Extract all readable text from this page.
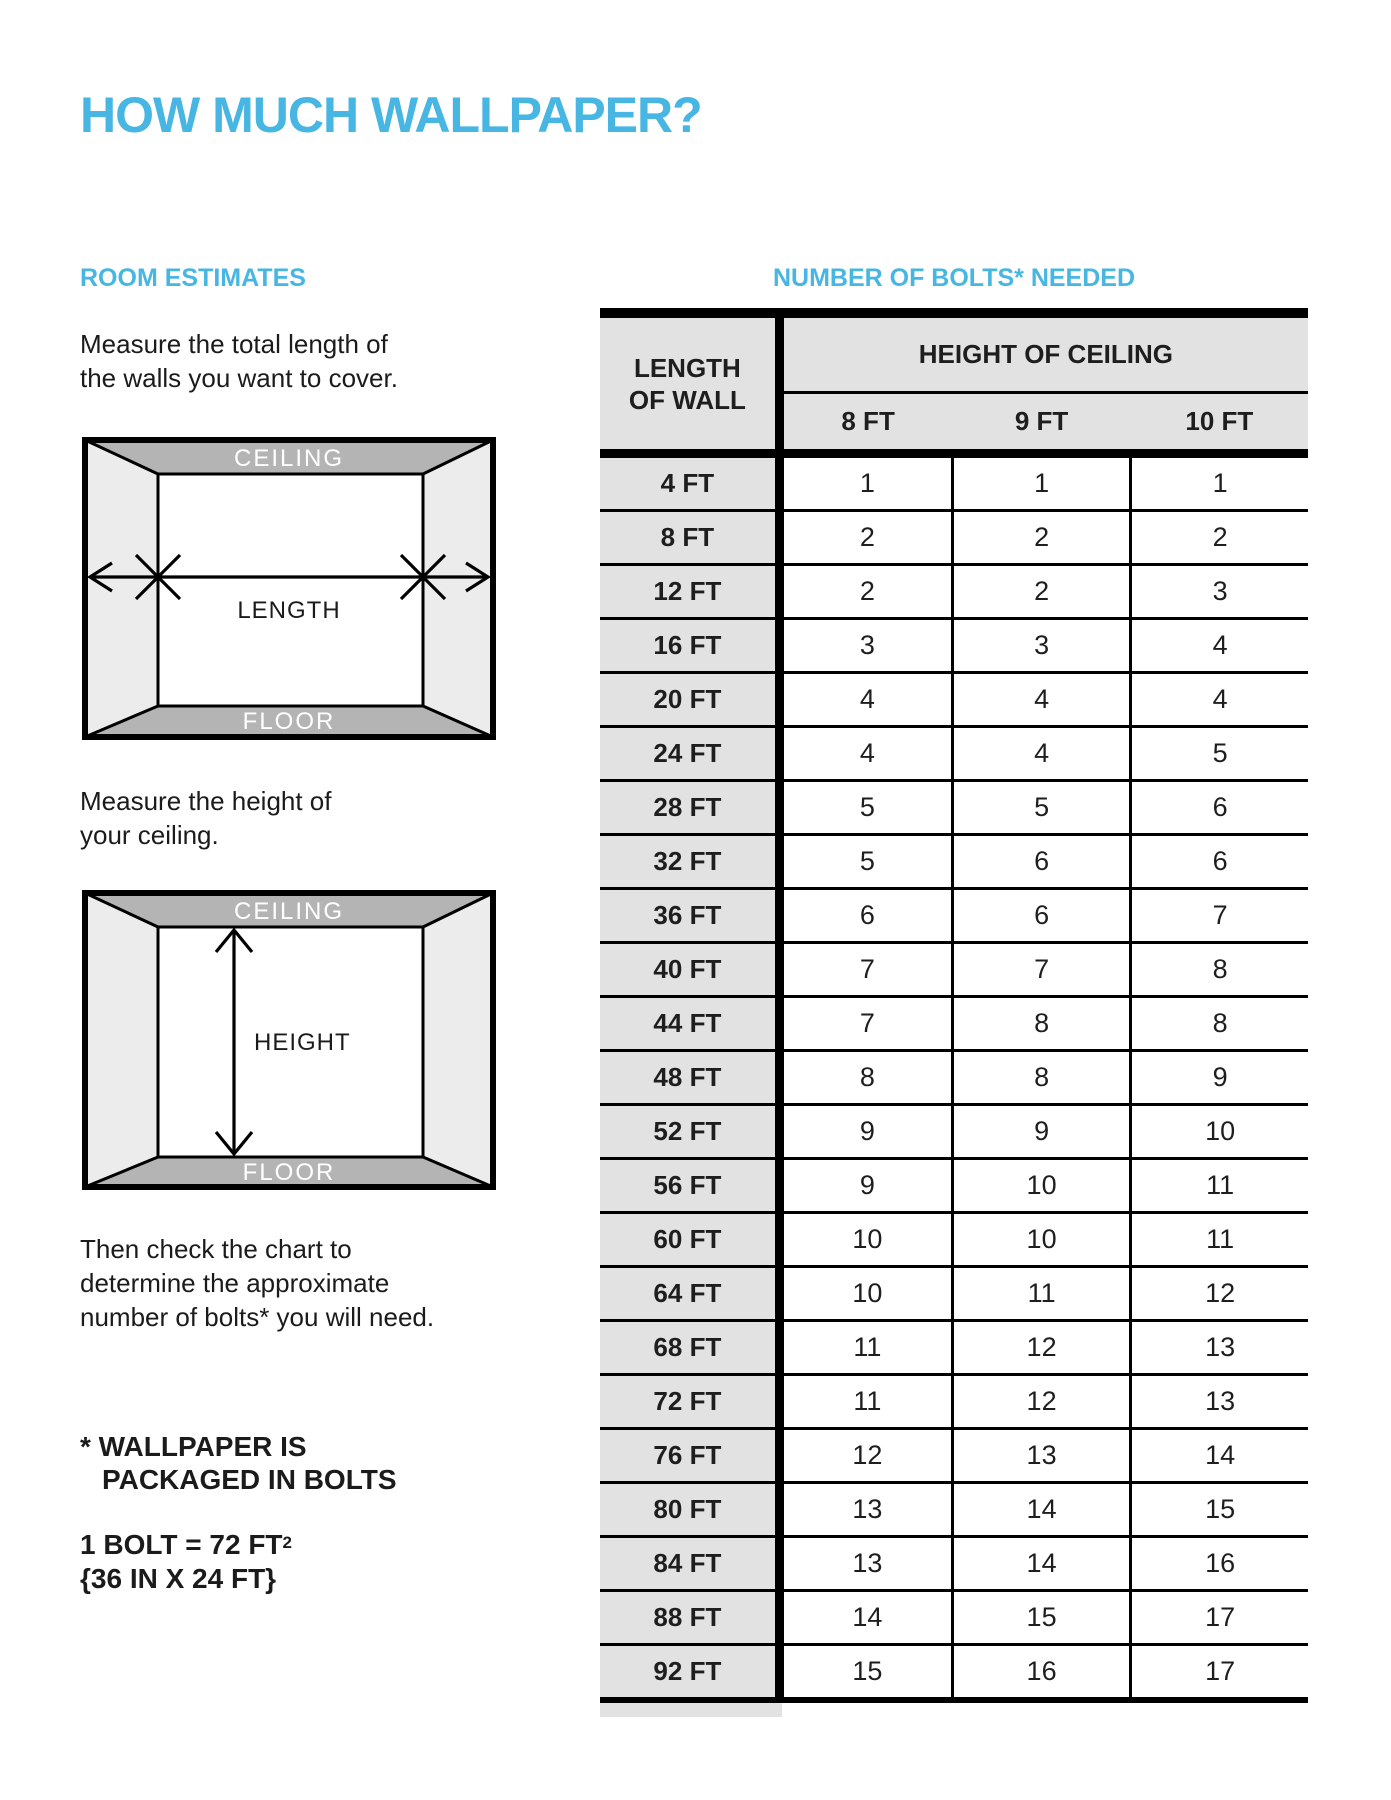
HOW MUCH WALLPAPER?
ROOM ESTIMATES	NUMBER OF BOLTS* NEEDED

Measure the total length of
the walls you want to cover.

CEILING
FLOOR
LENGTH

Measure the height of
your ceiling.

CEILING
FLOOR
HEIGHT

Then check the chart to
determine the approximate
number of bolts* you will need.

* WALLPAPER IS
PACKAGED IN BOLTS

1 BOLT = 72 $FT^2$
{36 IN X 24 FT}

LENGTH
OF WALL	HEIGHT OF CEILING		
	8 FT	9 FT	10 FT
4 FT	1	1	1
8 FT	2	2	2
12 FT	2	2	3
16 FT	3	3	4
20 FT	4	4	4
24 FT	4	4	5
28 FT	5	5	6
32 FT	5	6	6
36 FT	6	6	7
40 FT	7	7	8
44 FT	7	8	8
48 FT	8	8	9
52 FT	9	9	10
56 FT	9	10	11
60 FT	10	10	11
64 FT	10	11	12
68 FT	11	12	13
72 FT	11	12	13
76 FT	12	13	14
80 FT	13	14	15
84 FT	13	14	16
88 FT	14	15	17
92 FT	15	16	17
